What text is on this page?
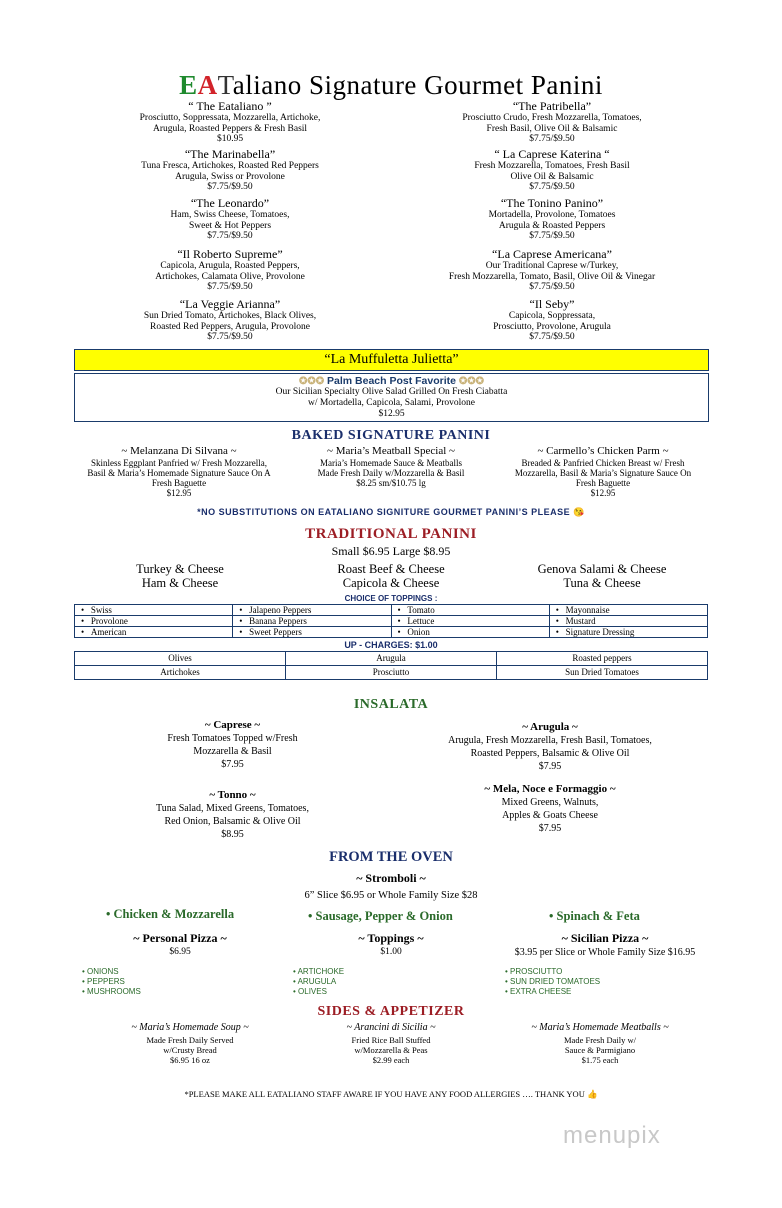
EATaliano Signature Gourmet Panini
“ The Eataliano ”
Prosciutto, Soppressata, Mozzarella, Artichoke,
Arugula, Roasted Peppers & Fresh Basil
$10.95
“The Marinabella”
Tuna Fresca, Artichokes, Roasted Red Peppers
Arugula, Swiss or Provolone
$7.75/$9.50
“The Leonardo”
Ham, Swiss Cheese, Tomatoes,
Sweet & Hot Peppers
$7.75/$9.50
“Il Roberto Supreme”
Capicola, Arugula, Roasted Peppers,
Artichokes, Calamata Olive, Provolone
$7.75/$9.50
“La Veggie Arianna”
Sun Dried Tomato, Artichokes, Black Olives,
Roasted Red Peppers, Arugula, Provolone
$7.75/$9.50
“The Patribella”
Prosciutto Crudo, Fresh Mozzarella, Tomatoes,
Fresh Basil, Olive Oil & Balsamic
$7.75/$9.50
“ La Caprese Katerina “
Fresh Mozzarella, Tomatoes, Fresh Basil
Olive Oil & Balsamic
$7.75/$9.50
“The Tonino Panino”
Mortadella, Provolone, Tomatoes
Arugula & Roasted Peppers
$7.75/$9.50
“La Caprese Americana”
Our Traditional Caprese w/Turkey,
Fresh Mozzarella, Tomato, Basil, Olive Oil & Vinegar
$7.75/$9.50
“Il Seby”
Capicola, Soppressata,
Prosciutto, Provolone, Arugula
$7.75/$9.50
“La Muffuletta Julietta”
✪✪✪ Palm Beach Post Favorite ✪✪✪
Our Sicilian Specialty Olive Salad Grilled On Fresh Ciabatta
w/ Mortadella, Capicola, Salami, Provolone
$12.95
BAKED SIGNATURE PANINI
~ Melanzana Di Silvana ~
Skinless Eggplant Panfried w/ Fresh Mozzarella,
Basil & Maria’s Homemade Signature Sauce On A
Fresh Baguette
$12.95
~ Maria’s Meatball Special ~
Maria’s Homemade Sauce & Meatballs
Made Fresh Daily w/Mozzarella & Basil
$8.25 sm/$10.75 lg
~ Carmello’s Chicken Parm ~
Breaded & Panfried Chicken Breast w/ Fresh
Mozzarella, Basil & Maria’s Signature Sauce On
Fresh Baguette
$12.95
*NO SUBSTITUTIONS ON EATALIANO SIGNITURE GOURMET PANINI’S PLEASE 😘
TRADITIONAL PANINI
Small $6.95 Large $8.95
Turkey & Cheese
Ham & Cheese
Roast Beef & Cheese
Capicola & Cheese
Genova Salami & Cheese
Tuna & Cheese
CHOICE OF TOPPINGS :
•   Swiss	•   Jalapeno Peppers	•   Tomato	•   Mayonnaise
•   Provolone	•   Banana Peppers	•   Lettuce	•   Mustard
•   American	•   Sweet Peppers	•   Onion	•   Signature Dressing
UP - CHARGES: $1.00
Olives	Arugula	Roasted peppers
Artichokes	Prosciutto	Sun Dried Tomatoes
INSALATA
~ Caprese ~
Fresh Tomatoes Topped w/Fresh
Mozzarella & Basil
$7.95
~ Arugula ~
Arugula, Fresh Mozzarella, Fresh Basil, Tomatoes,
Roasted Peppers, Balsamic & Olive Oil
$7.95
~ Tonno ~
Tuna Salad, Mixed Greens, Tomatoes,
Red Onion, Balsamic & Olive Oil
$8.95
~ Mela, Noce e Formaggio ~
Mixed Greens, Walnuts,
Apples & Goats Cheese
$7.95
FROM THE OVEN
~ Stromboli ~
6” Slice $6.95 or Whole Family Size $28
• Chicken & Mozzarella	• Sausage, Pepper & Onion	• Spinach & Feta
~ Personal Pizza ~
$6.95
~ Toppings ~
$1.00
~ Sicilian Pizza ~
$3.95 per Slice or Whole Family Size $16.95
• ONIONS
• PEPPERS
• MUSHROOMS
• ARTICHOKE
• ARUGULA
• OLIVES
• PROSCIUTTO
• SUN DRIED TOMATOES
• EXTRA CHEESE
SIDES & APPETIZER
~ Maria’s Homemade Soup ~
Made Fresh Daily Served
w/Crusty Bread
$6.95 16 oz
~ Arancini di Sicilia ~
Fried Rice Ball Stuffed
w/Mozzarella & Peas
$2.99 each
~ Maria’s Homemade Meatballs ~
Made Fresh Daily w/
Sauce & Parmigiano
$1.75 each
*PLEASE MAKE ALL EATALIANO STAFF AWARE IF YOU HAVE ANY FOOD ALLERGIES …. THANK YOU 👍
menupix
